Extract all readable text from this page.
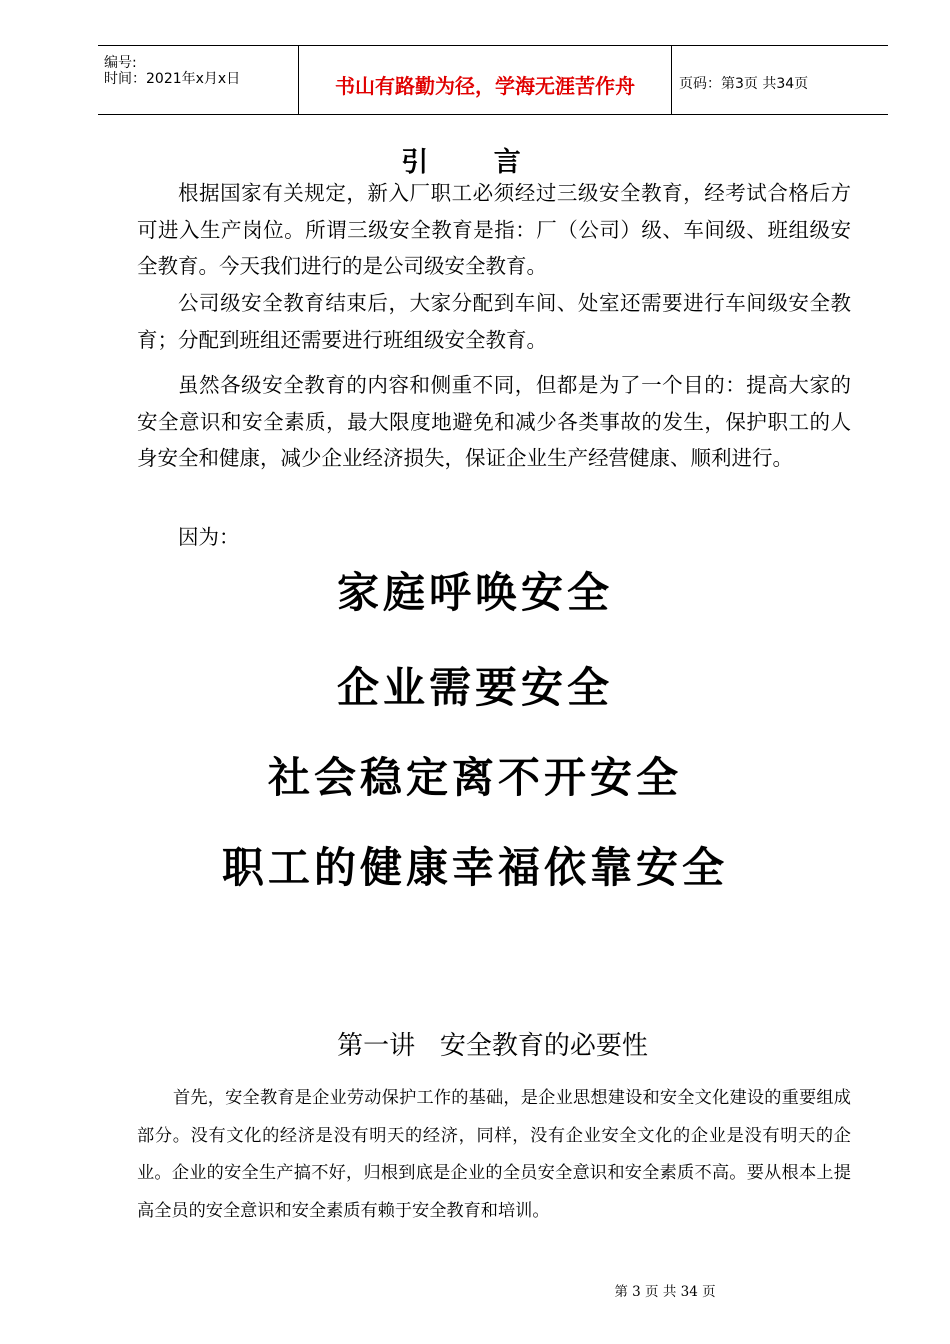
编号:
时间：2021年x月x日	书山有路勤为径，学海无涯苦作舟	页码：第3页 共34页
引 言

根据国家有关规定，新入厂职工必须经过三级安全教育，经考试合格后方可进入生产岗位。所谓三级安全教育是指：厂（公司）级、车间级、班组级安全教育。今天我们进行的是公司级安全教育。

公司级安全教育结束后，大家分配到车间、处室还需要进行车间级安全教育；分配到班组还需要进行班组级安全教育。

虽然各级安全教育的内容和侧重不同，但都是为了一个目的：提高大家的安全意识和安全素质，最大限度地避免和减少各类事故的发生，保护职工的人身安全和健康，减少企业经济损失，保证企业生产经营健康、顺利进行。

因为：

家庭呼唤安全
企业需要安全
社会稳定离不开安全
职工的健康幸福依靠安全
第一讲   安全教育的必要性

首先，安全教育是企业劳动保护工作的基础，是企业思想建设和安全文化建设的重要组成部分。没有文化的经济是没有明天的经济，同样，没有企业安全文化的企业是没有明天的企业。企业的安全生产搞不好，归根到底是企业的全员安全意识和安全素质不高。要从根本上提高全员的安全意识和安全素质有赖于安全教育和培训。

第 3 页 共 34 页
